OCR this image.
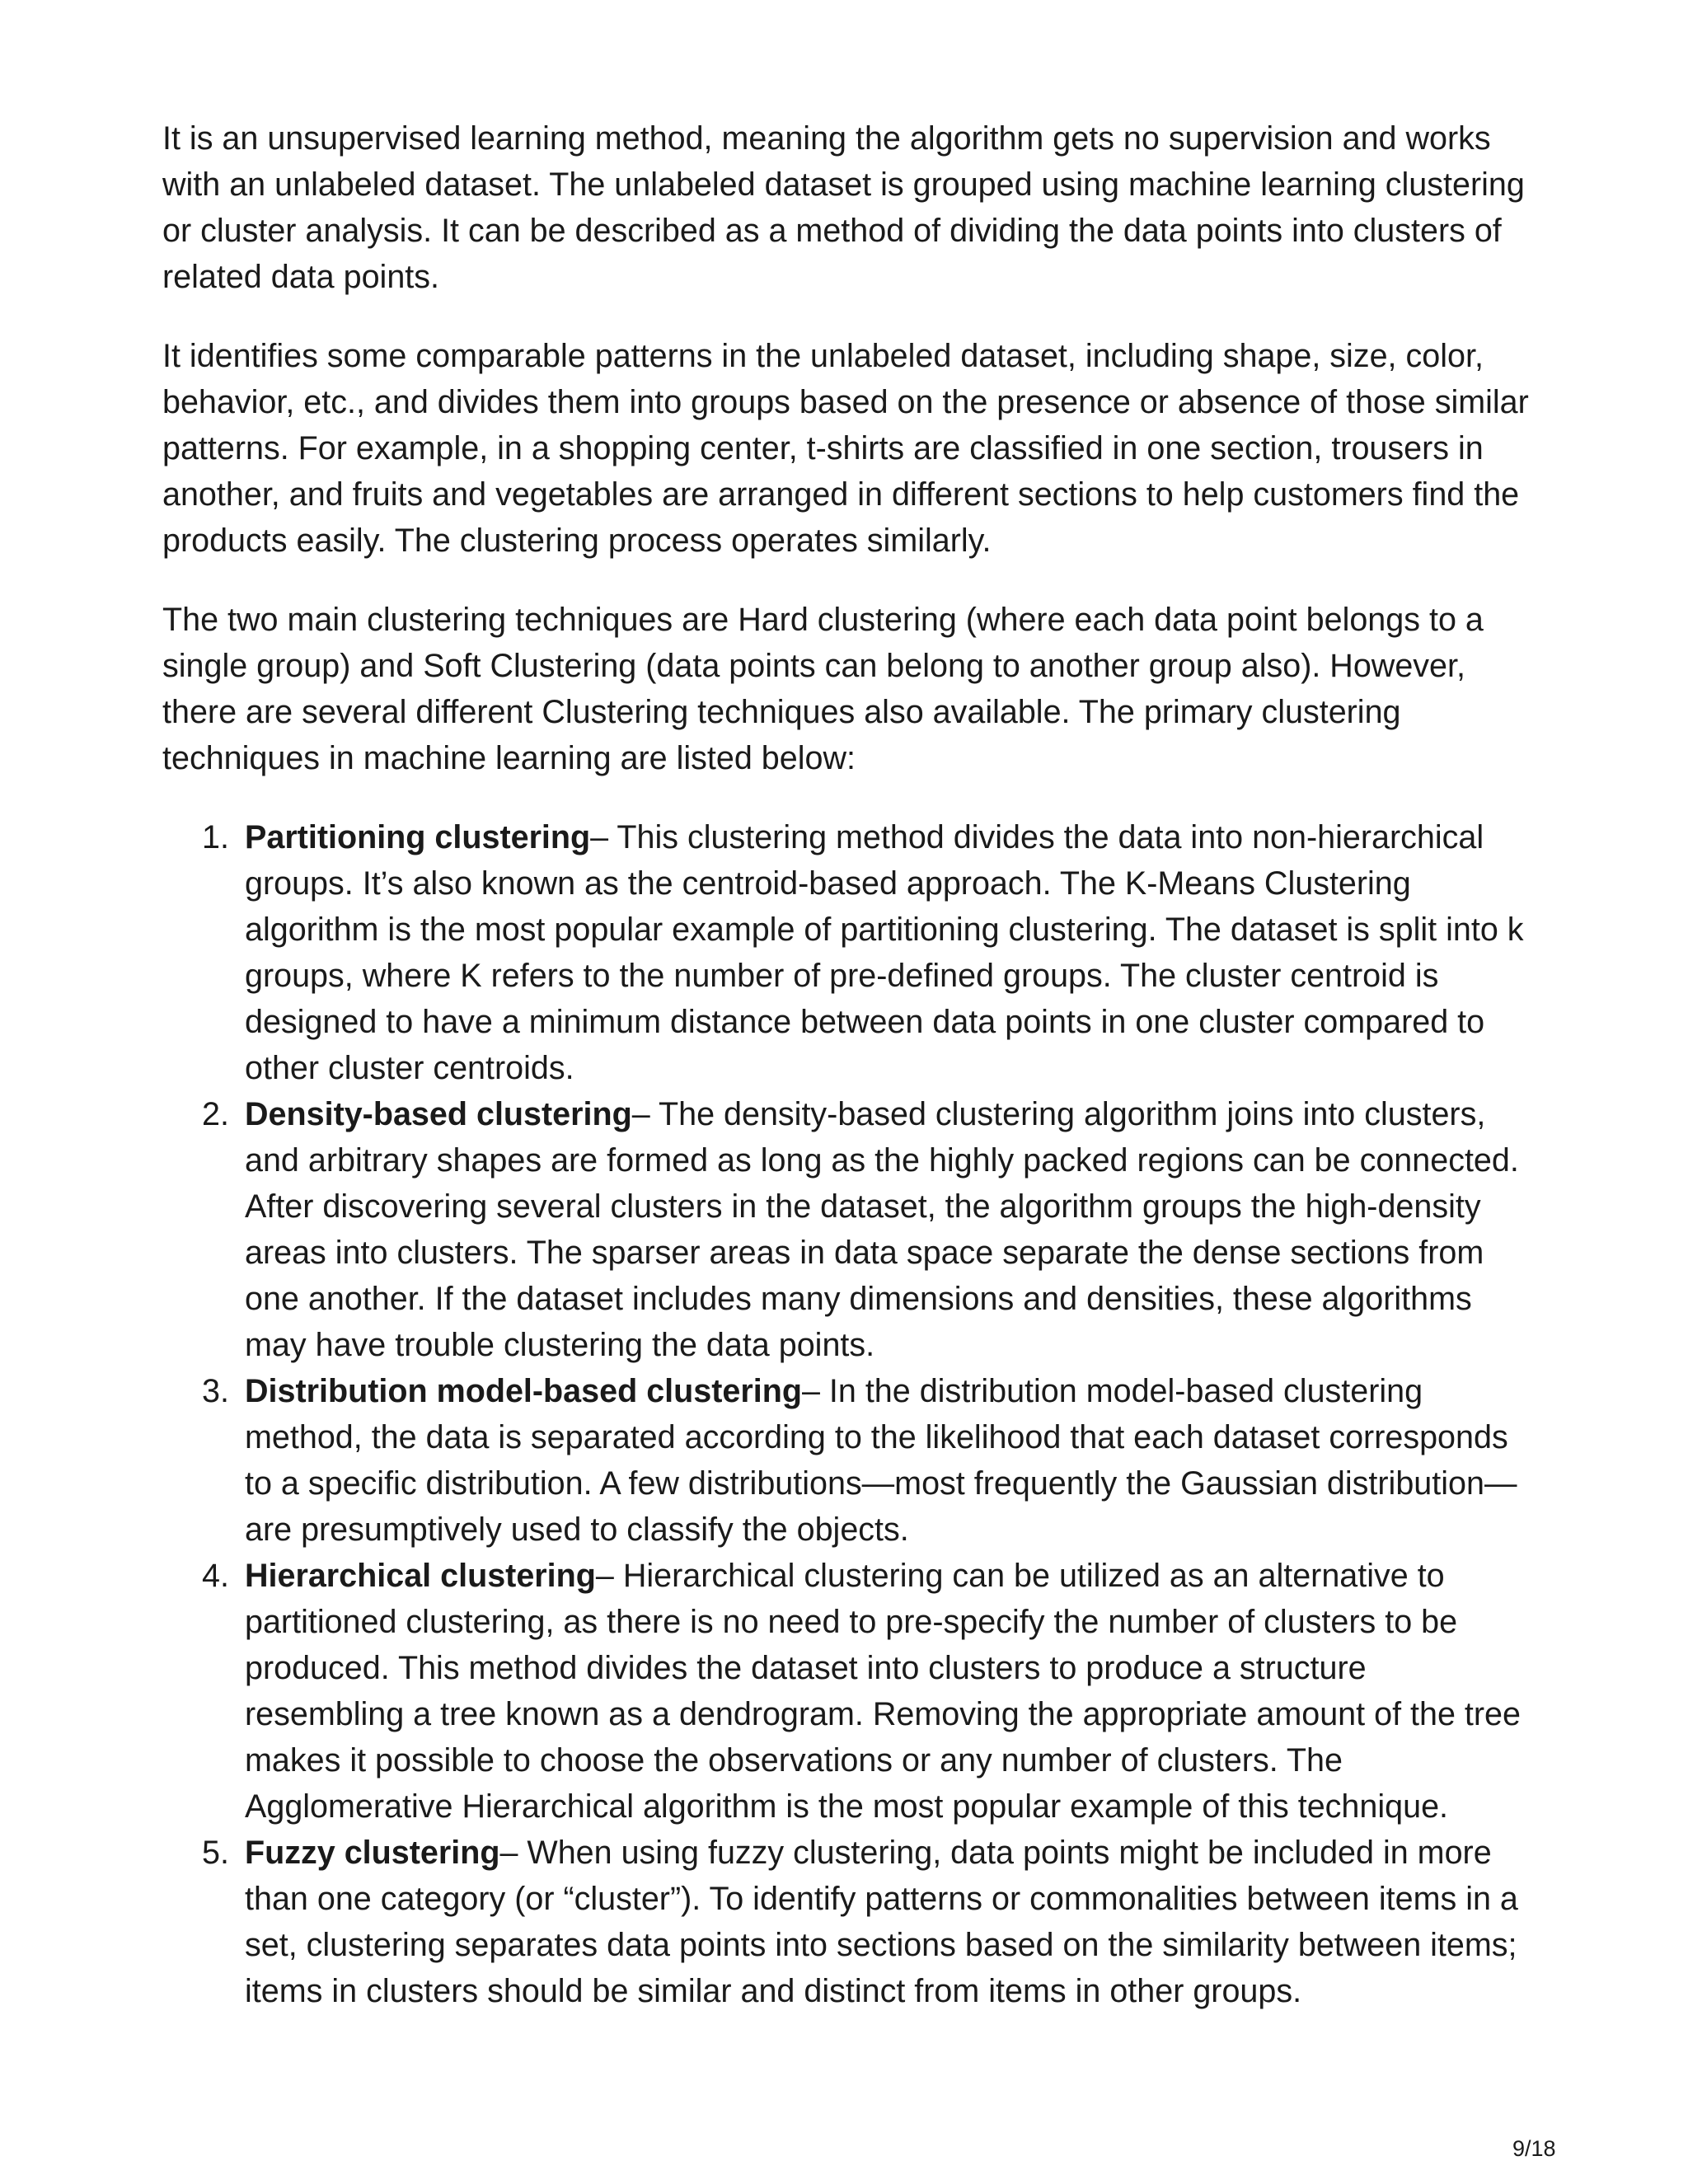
It is an unsupervised learning method, meaning the algorithm gets no supervision and works with an unlabeled dataset. The unlabeled dataset is grouped using machine learning clustering or cluster analysis. It can be described as a method of dividing the data points into clusters of related data points.

It identifies some comparable patterns in the unlabeled dataset, including shape, size, color, behavior, etc., and divides them into groups based on the presence or absence of those similar patterns. For example, in a shopping center, t-shirts are classified in one section, trousers in another, and fruits and vegetables are arranged in different sections to help customers find the products easily. The clustering process operates similarly.

The two main clustering techniques are Hard clustering (where each data point belongs to a single group) and Soft Clustering (data points can belong to another group also). However, there are several different Clustering techniques also available. The primary clustering techniques in machine learning are listed below:

1. Partitioning clustering– This clustering method divides the data into non-hierarchical groups. It’s also known as the centroid-based approach. The K-Means Clustering algorithm is the most popular example of partitioning clustering. The dataset is split into k groups, where K refers to the number of pre-defined groups. The cluster centroid is designed to have a minimum distance between data points in one cluster compared to other cluster centroids.
2. Density-based clustering– The density-based clustering algorithm joins into clusters, and arbitrary shapes are formed as long as the highly packed regions can be connected. After discovering several clusters in the dataset, the algorithm groups the high-density areas into clusters. The sparser areas in data space separate the dense sections from one another. If the dataset includes many dimensions and densities, these algorithms may have trouble clustering the data points.
3. Distribution model-based clustering– In the distribution model-based clustering method, the data is separated according to the likelihood that each dataset corresponds to a specific distribution. A few distributions—most frequently the Gaussian distribution—are presumptively used to classify the objects.
4. Hierarchical clustering– Hierarchical clustering can be utilized as an alternative to partitioned clustering, as there is no need to pre-specify the number of clusters to be produced. This method divides the dataset into clusters to produce a structure resembling a tree known as a dendrogram. Removing the appropriate amount of the tree makes it possible to choose the observations or any number of clusters. The Agglomerative Hierarchical algorithm is the most popular example of this technique.
5. Fuzzy clustering– When using fuzzy clustering, data points might be included in more than one category (or “cluster”). To identify patterns or commonalities between items in a set, clustering separates data points into sections based on the similarity between items; items in clusters should be similar and distinct from items in other groups.
9/18
